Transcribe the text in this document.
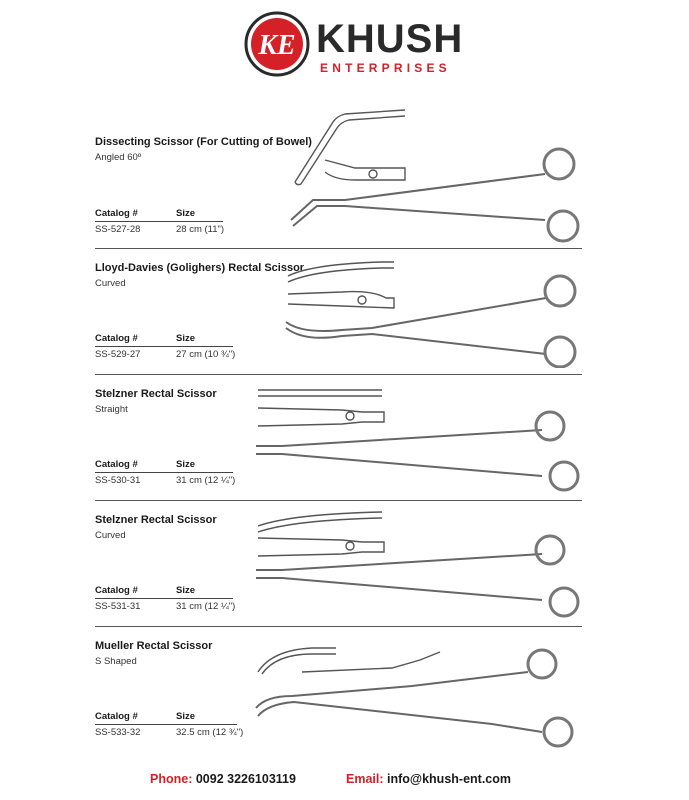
KE KHUSH
ENTERPRISES
Dissecting Scissor (For Cutting of Bowel)
Angled 60º
Catalog #	Size
SS-527-28	28 cm (11")
Lloyd-Davies (Golighers) Rectal Scissor
Curved
Catalog #	Size
SS-529-27	27 cm (10 ¾")
Stelzner Rectal Scissor
Straight
Catalog #	Size
SS-530-31	31 cm (12 ¼")
Stelzner Rectal Scissor
Curved
Catalog #	Size
SS-531-31	31 cm (12 ¼")
Mueller Rectal Scissor
S Shaped
Catalog #	Size
SS-533-32	32.5 cm (12 ¾")
Phone: 0092 3226103119	Email: info@khush-ent.com
